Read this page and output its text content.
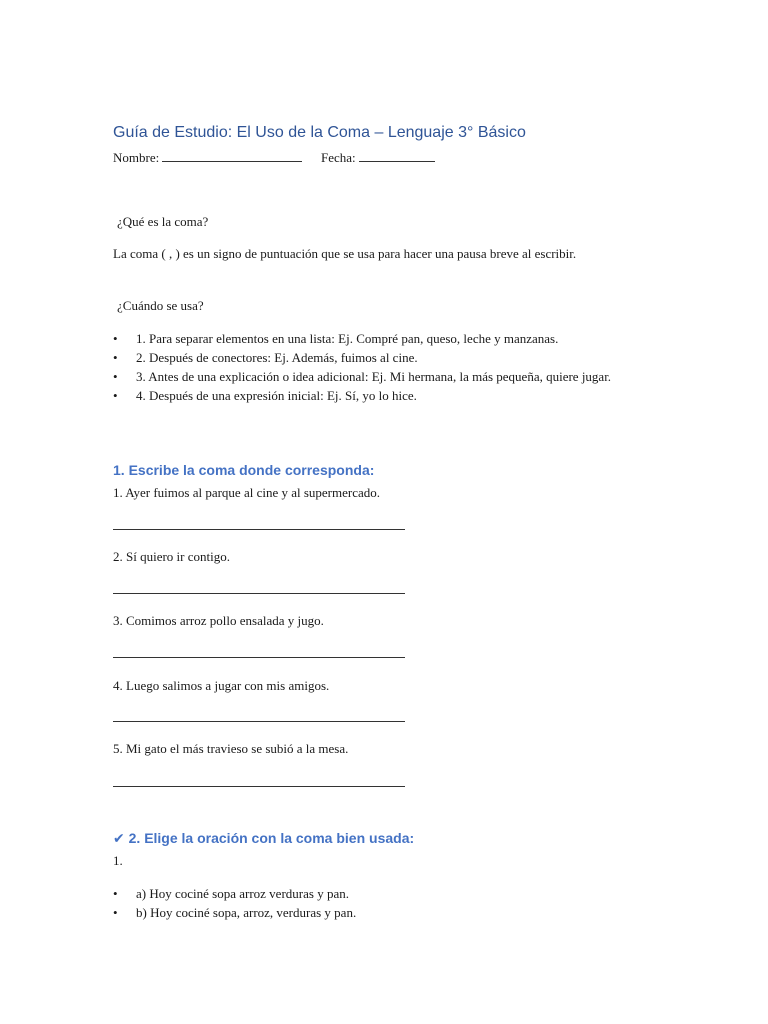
Guía de Estudio: El Uso de la Coma – Lenguaje 3° Básico
Nombre:	Fecha:
¿Qué es la coma?
La coma ( , ) es un signo de puntuación que se usa para hacer una pausa breve al escribir.
¿Cuándo se usa?
• 1. Para separar elementos en una lista: Ej. Compré pan, queso, leche y manzanas.
• 2. Después de conectores: Ej. Además, fuimos al cine.
• 3. Antes de una explicación o idea adicional: Ej. Mi hermana, la más pequeña, quiere jugar.
• 4. Después de una expresión inicial: Ej. Sí, yo lo hice.
1. Escribe la coma donde corresponda:
1. Ayer fuimos al parque al cine y al supermercado.
2. Sí quiero ir contigo.
3. Comimos arroz pollo ensalada y jugo.
4. Luego salimos a jugar con mis amigos.
5. Mi gato el más travieso se subió a la mesa.
✔ 2. Elige la oración con la coma bien usada:
1.
• a) Hoy cociné sopa arroz verduras y pan.
• b) Hoy cociné sopa, arroz, verduras y pan.
